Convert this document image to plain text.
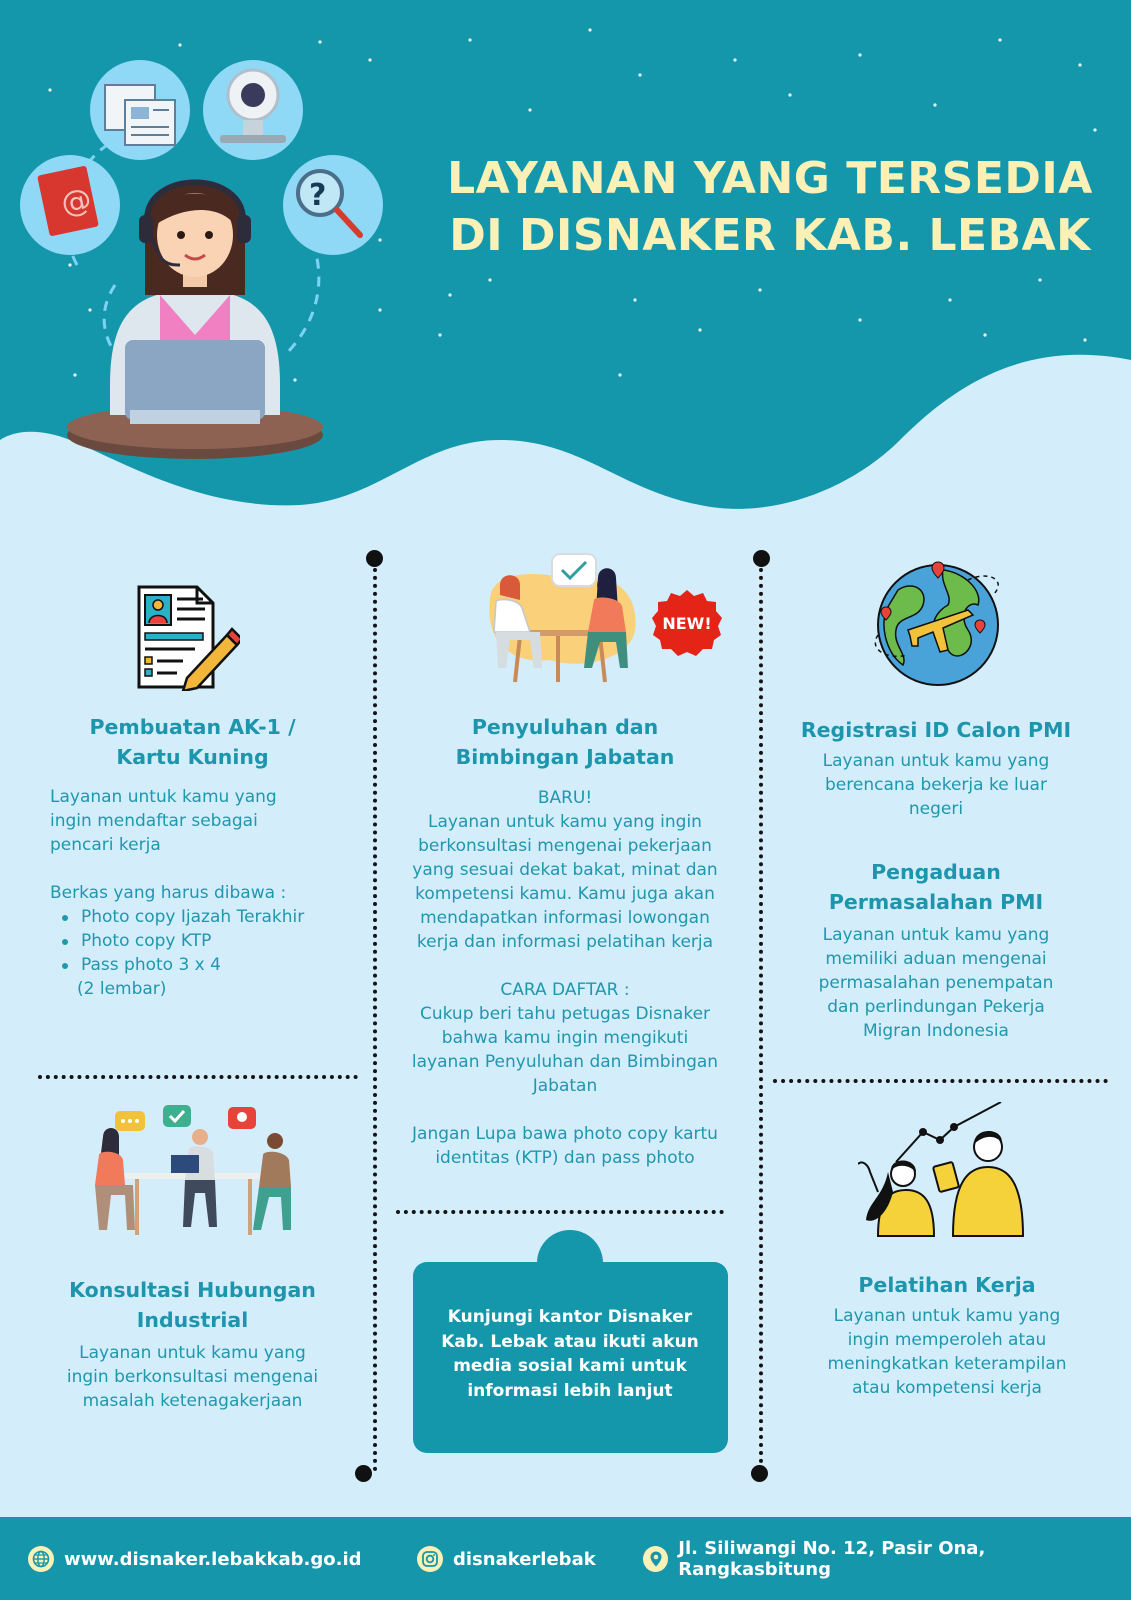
@	?	LAYANAN YANG TERSEDIA
DI DISNAKER KAB. LEBAK
Pembuatan AK-1 /
Kartu Kuning
Layanan untuk kamu yang
ingin mendaftar sebagai
pencari kerja
Berkas yang harus dibawa :
Photo copy Ijazah Terakhir
Photo copy KTP
Pass photo 3 x 4
(2 lembar)
NEW!
Penyuluhan dan
Bimbingan Jabatan
BARU!
Layanan untuk kamu yang ingin
berkonsultasi mengenai pekerjaan
yang sesuai dekat bakat, minat dan
kompetensi kamu. Kamu juga akan
mendapatkan informasi lowongan
kerja dan informasi pelatihan kerja
CARA DAFTAR :
Cukup beri tahu petugas Disnaker
bahwa kamu ingin mengikuti
layanan Penyuluhan dan Bimbingan
Jabatan
Jangan Lupa bawa photo copy kartu
identitas (KTP) dan pass photo
Registrasi ID Calon PMI
Layanan untuk kamu yang
berencana bekerja ke luar
negeri
Pengaduan
Permasalahan PMI
Layanan untuk kamu yang
memiliki aduan mengenai
permasalahan penempatan
dan perlindungan Pekerja
Migran Indonesia
Konsultasi Hubungan
Industrial
Layanan untuk kamu yang
ingin berkonsultasi mengenai
masalah ketenagakerjaan
Pelatihan Kerja
Layanan untuk kamu yang
ingin memperoleh atau
meningkatkan keterampilan
atau kompetensi kerja
Kunjungi kantor Disnaker
Kab. Lebak atau ikuti akun
media sosial kami untuk
informasi lebih lanjut
www.disnaker.lebakkab.go.id	disnakerlebak	Jl. Siliwangi No. 12, Pasir Ona, Rangkasbitung
